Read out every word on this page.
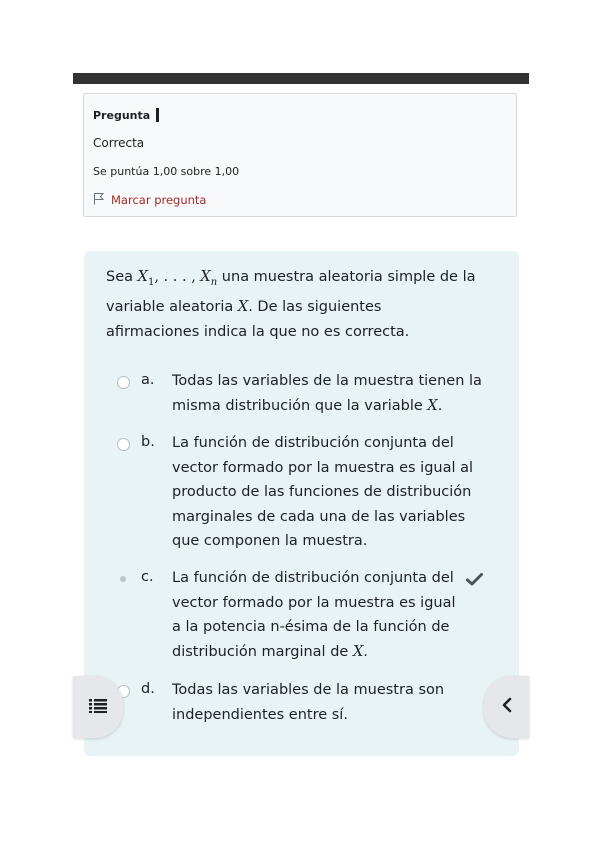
Pregunta
Correcta
Se puntúa 1,00 sobre 1,00
Marcar pregunta
Sea $X_1$, . . . , $X_n$ una muestra aleatoria simple de la variable aleatoria X. De las siguientes afirmaciones indica la que no es correcta.
a. Todas las variables de la muestra tienen la misma distribución que la variable X.
b. La función de distribución conjunta del vector formado por la muestra es igual al producto de las funciones de distribución marginales de cada una de las variables que componen la muestra.
c. La función de distribución conjunta del vector formado por la muestra es igual a la potencia n-ésima de la función de distribución marginal de X.
d. Todas las variables de la muestra son independientes entre sí.
